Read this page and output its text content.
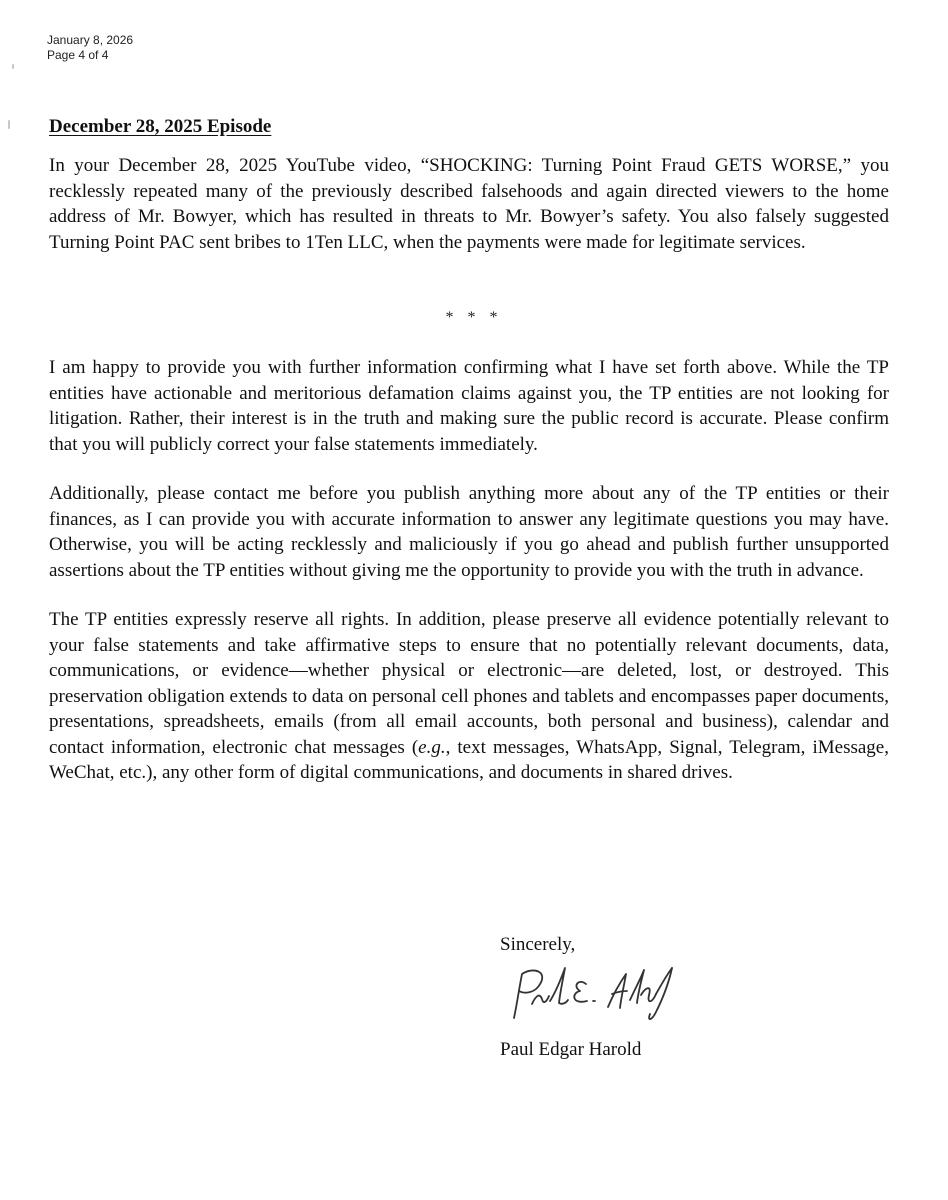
January 8, 2026
Page 4 of 4
December 28, 2025 Episode

In your December 28, 2025 YouTube video, “SHOCKING: Turning Point Fraud GETS WORSE,” you recklessly repeated many of the previously described falsehoods and again directed viewers to the home address of Mr. Bowyer, which has resulted in threats to Mr. Bowyer’s safety. You also falsely suggested Turning Point PAC sent bribes to 1Ten LLC, when the payments were made for legitimate services.

* * *

I am happy to provide you with further information confirming what I have set forth above. While the TP entities have actionable and meritorious defamation claims against you, the TP entities are not looking for litigation. Rather, their interest is in the truth and making sure the public record is accurate. Please confirm that you will publicly correct your false statements immediately.

Additionally, please contact me before you publish anything more about any of the TP entities or their finances, as I can provide you with accurate information to answer any legitimate questions you may have. Otherwise, you will be acting recklessly and maliciously if you go ahead and publish further unsupported assertions about the TP entities without giving me the opportunity to provide you with the truth in advance.

The TP entities expressly reserve all rights. In addition, please preserve all evidence potentially relevant to your false statements and take affirmative steps to ensure that no potentially relevant documents, data, communications, or evidence—whether physical or electronic—are deleted, lost, or destroyed. This preservation obligation extends to data on personal cell phones and tablets and encompasses paper documents, presentations, spreadsheets, emails (from all email accounts, both personal and business), calendar and contact information, electronic chat messages (e.g., text messages, WhatsApp, Signal, Telegram, iMessage, WeChat, etc.), any other form of digital communications, and documents in shared drives.

Sincerely,
Paul Edgar Harold
